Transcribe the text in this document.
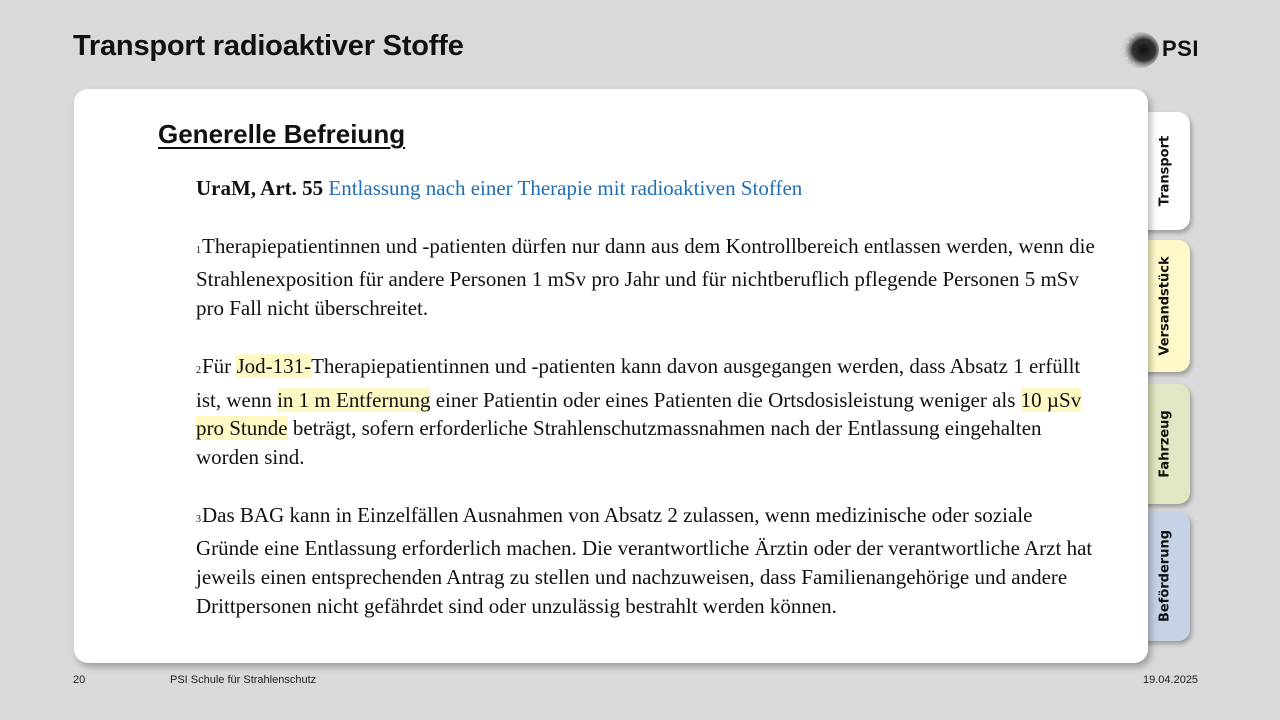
Transport radioaktiver Stoffe	PSI
Transport
Versandstück
Fahrzeug
Beförderung
Generelle Befreiung

UraM, Art. 55 Entlassung nach einer Therapie mit radioaktiven Stoffen

1Therapiepatientinnen und -patienten dürfen nur dann aus dem Kontrollbereich entlassen werden, wenn die Strahlenexposition für andere Personen 1 mSv pro Jahr und für nichtberuflich pflegende Personen 5 mSv pro Fall nicht überschreitet.

2Für Jod-131-Therapiepatientinnen und -patienten kann davon ausgegangen werden, dass Absatz 1 erfüllt ist, wenn in 1 m Entfernung einer Patientin oder eines Patienten die Ortsdosisleistung weniger als 10 µSv pro Stunde beträgt, sofern erforderliche Strahlenschutzmassnahmen nach der Entlassung eingehalten worden sind.

3Das BAG kann in Einzelfällen Ausnahmen von Absatz 2 zulassen, wenn medizinische oder soziale Gründe eine Entlassung erforderlich machen. Die verantwortliche Ärztin oder der verantwortliche Arzt hat jeweils einen entsprechenden Antrag zu stellen und nachzuweisen, dass Familienangehörige und andere Drittpersonen nicht gefährdet sind oder unzulässig bestrahlt werden können.

20	PSI Schule für Strahlenschutz	19.04.2025
